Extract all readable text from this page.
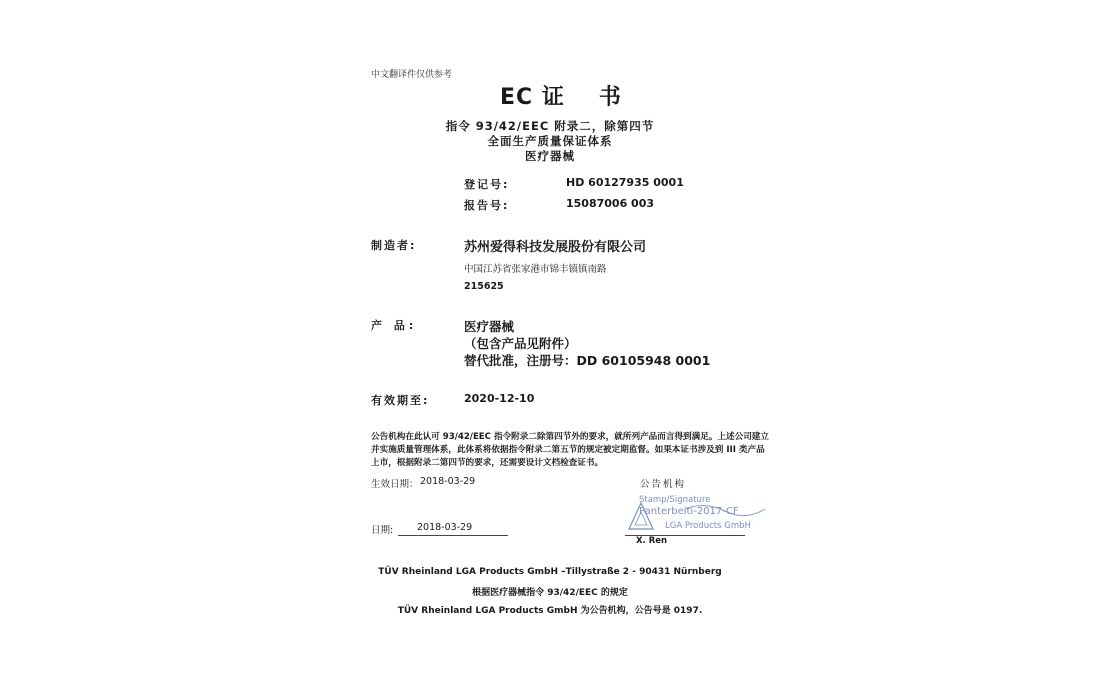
中文翻译件仅供参考
EC 证 书
指令 93/42/EEC 附录二，除第四节
全面生产质量保证体系
医疗器械
登记号:	HD 60127935 0001
报告号:	15087006 003
制造者:	苏州爱得科技发展股份有限公司
中国江苏省张家港市锦丰镇镇南路
215625
产 品:	医疗器械
（包含产品见附件）
替代批准，注册号：DD 60105948 0001
有效期至:	2020-12-10
公告机构在此认可 93/42/EEC 指令附录二除第四节外的要求，就所列产品而言得到满足。上述公司建立并实施质量管理体系，此体系将依据指令附录二第五节的规定被定期监督。如果本证书涉及到 III 类产品上市，根据附录二第四节的要求，还需要设计文档检查证书。
生效日期： 2018-03-29	公告机构
Stamp/Signature
Panterbeiti-2017-CF
LGA Products GmbH
日期:	2018-03-29
X. Ren
TÜV Rheinland LGA Products GmbH –Tillystraße 2 - 90431 Nürnberg
根据医疗器械指令 93/42/EEC 的规定
TÜV Rheinland LGA Products GmbH 为公告机构，公告号是 0197.
